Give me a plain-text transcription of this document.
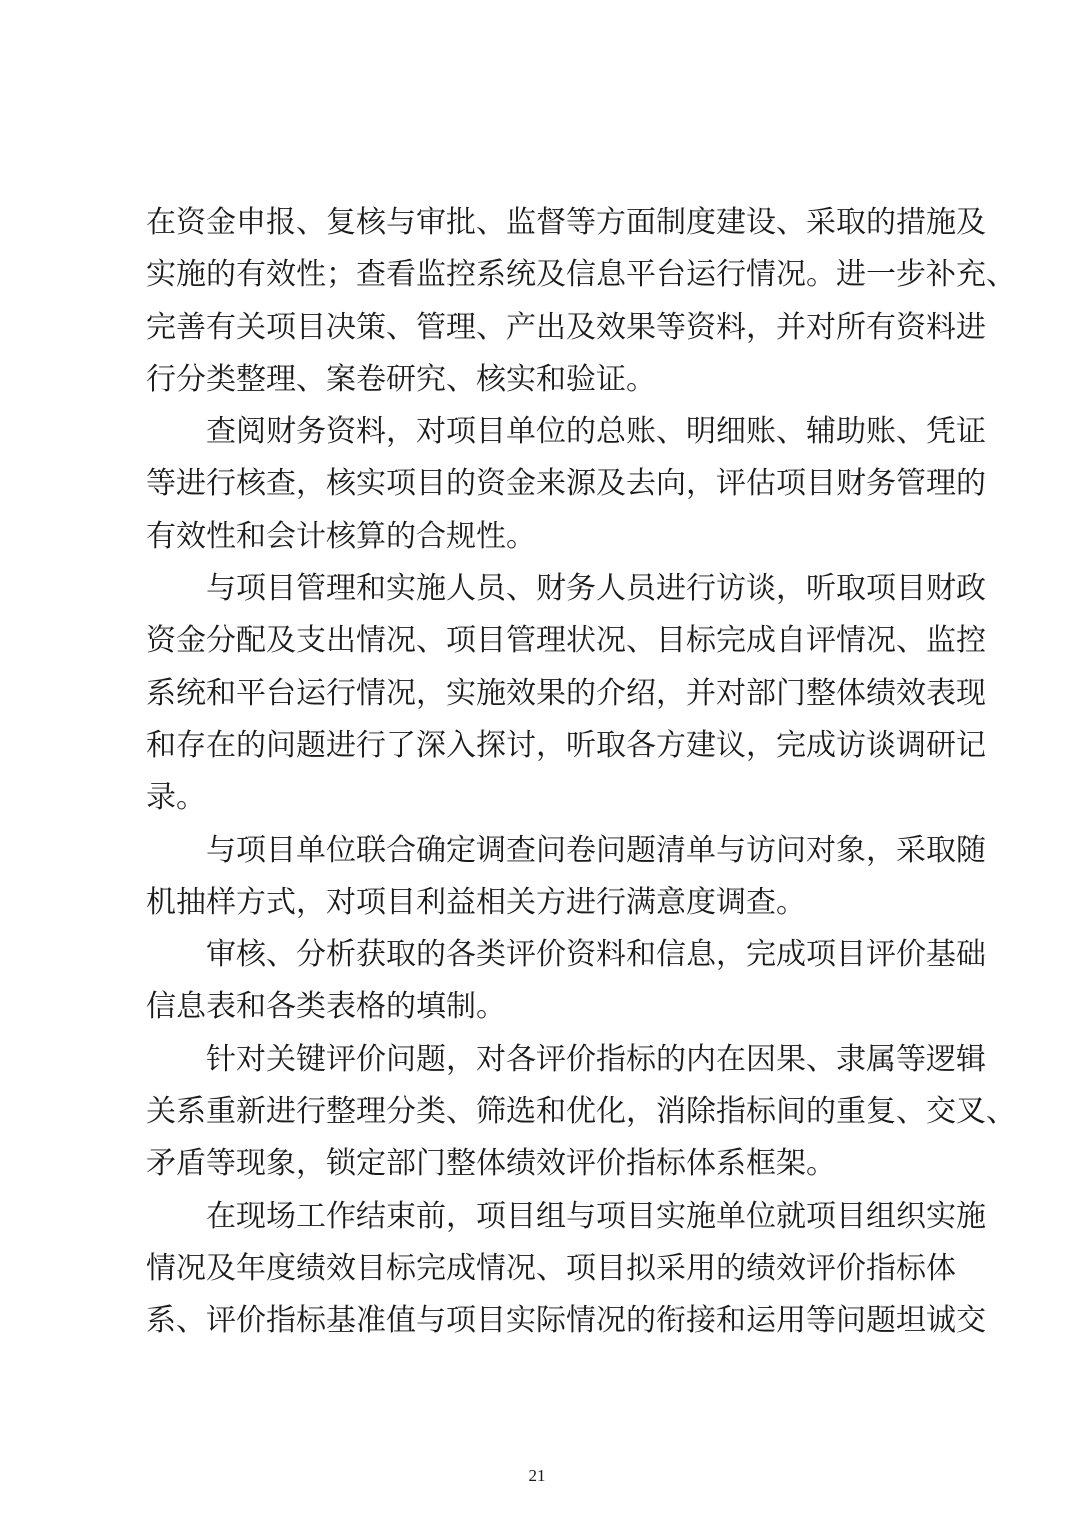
在资金申报、复核与审批、监督等方面制度建设、采取的措施及
实施的有效性；查看监控系统及信息平台运行情况。进一步补充、
完善有关项目决策、管理、产出及效果等资料，并对所有资料进
行分类整理、案卷研究、核实和验证。
查阅财务资料，对项目单位的总账、明细账、辅助账、凭证
等进行核查，核实项目的资金来源及去向，评估项目财务管理的
有效性和会计核算的合规性。
与项目管理和实施人员、财务人员进行访谈，听取项目财政
资金分配及支出情况、项目管理状况、目标完成自评情况、监控
系统和平台运行情况，实施效果的介绍，并对部门整体绩效表现
和存在的问题进行了深入探讨，听取各方建议，完成访谈调研记
录。
与项目单位联合确定调查问卷问题清单与访问对象，采取随
机抽样方式，对项目利益相关方进行满意度调查。
审核、分析获取的各类评价资料和信息，完成项目评价基础
信息表和各类表格的填制。
针对关键评价问题，对各评价指标的内在因果、隶属等逻辑
关系重新进行整理分类、筛选和优化，消除指标间的重复、交叉、
矛盾等现象，锁定部门整体绩效评价指标体系框架。
在现场工作结束前，项目组与项目实施单位就项目组织实施
情况及年度绩效目标完成情况、项目拟采用的绩效评价指标体
系、评价指标基准值与项目实际情况的衔接和运用等问题坦诚交
21
